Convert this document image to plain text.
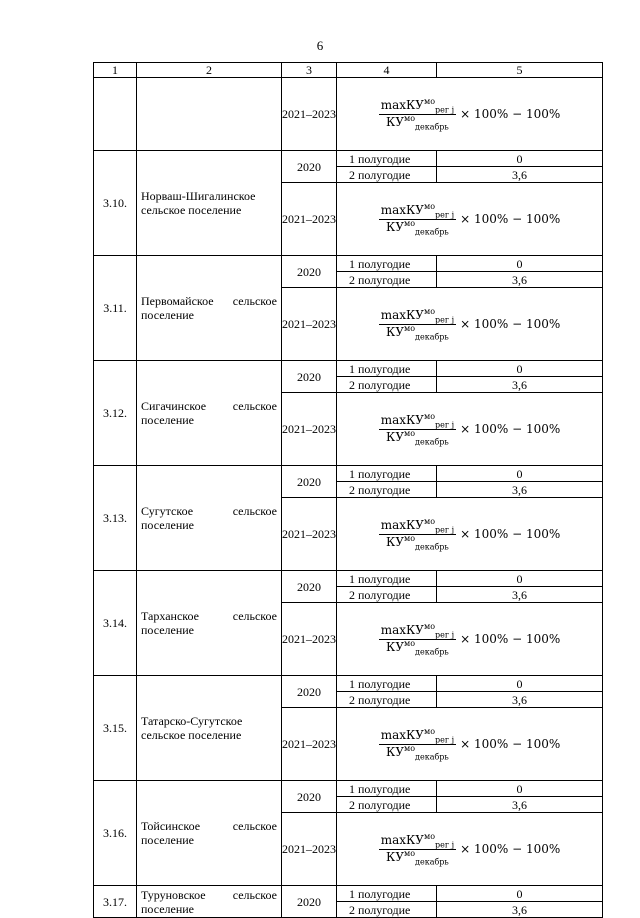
6
1	2	3	4	5
		2021–2023	$\frac{\max КУ^{мо}_{рег j}}{КУ^{мо}_{декабрь}} \times 100\% - 100\%$	

3.10.	Норваш-Шигалинское сельское поселение	2020	1 полугодие	0
			2 полугодие	3,6
		2021–2023	$\frac{\max КУ^{мо}_{рег j}}{КУ^{мо}_{декабрь}} \times 100\% - 100\%$	

3.11.	Первомайское сельское поселение	2020	1 полугодие	0
			2 полугодие	3,6
		2021–2023	$\frac{\max КУ^{мо}_{рег j}}{КУ^{мо}_{декабрь}} \times 100\% - 100\%$	

3.12.	Сигачинское сельское поселение	2020	1 полугодие	0
			2 полугодие	3,6
		2021–2023	$\frac{\max КУ^{мо}_{рег j}}{КУ^{мо}_{декабрь}} \times 100\% - 100\%$	

3.13.	Сугутское сельское поселение	2020	1 полугодие	0
			2 полугодие	3,6
		2021–2023	$\frac{\max КУ^{мо}_{рег j}}{КУ^{мо}_{декабрь}} \times 100\% - 100\%$	

3.14.	Тарханское сельское поселение	2020	1 полугодие	0
			2 полугодие	3,6
		2021–2023	$\frac{\max КУ^{мо}_{рег j}}{КУ^{мо}_{декабрь}} \times 100\% - 100\%$	

3.15.	Татарско-Сугутское сельское поселение	2020	1 полугодие	0
			2 полугодие	3,6
		2021–2023	$\frac{\max КУ^{мо}_{рег j}}{КУ^{мо}_{декабрь}} \times 100\% - 100\%$	

3.16.	Тойсинское сельское поселение	2020	1 полугодие	0
			2 полугодие	3,6
		2021–2023	$\frac{\max КУ^{мо}_{рег j}}{КУ^{мо}_{декабрь}} \times 100\% - 100\%$	

3.17.	Туруновское сельское поселение	2020	1 полугодие	0
			2 полугодие	3,6
